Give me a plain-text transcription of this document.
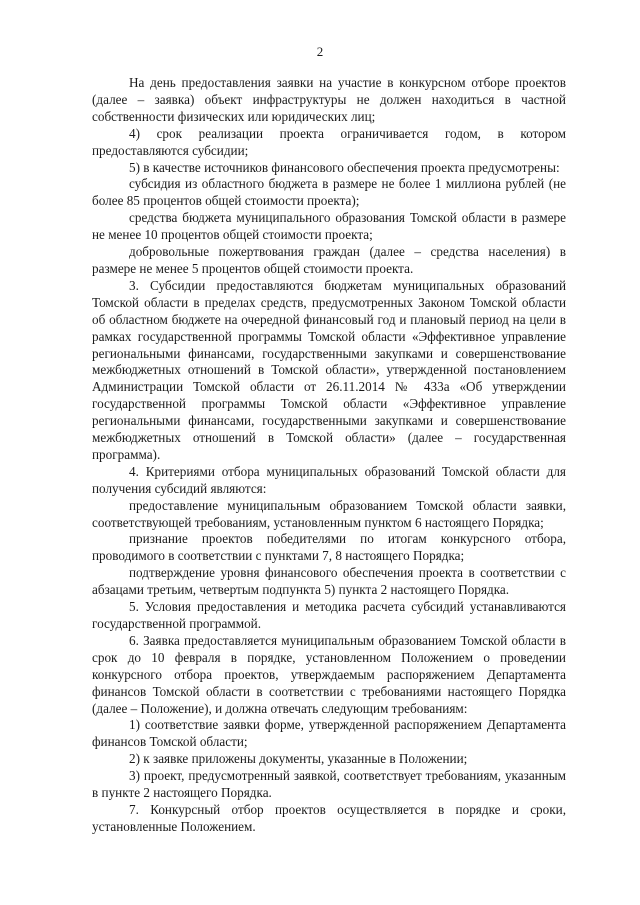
2

На день предоставления заявки на участие в конкурсном отборе проектов (далее – заявка) объект инфраструктуры не должен находиться в частной собственности физических или юридических лиц;

4) срок реализации проекта ограничивается годом, в котором предоставляются субсидии;

5) в качестве источников финансового обеспечения проекта предусмотрены:

субсидия из областного бюджета в размере не более 1 миллиона рублей (не более 85 процентов общей стоимости проекта);

средства бюджета муниципального образования Томской области в размере не менее 10 процентов общей стоимости проекта;

добровольные пожертвования граждан (далее – средства населения) в размере не менее 5 процентов общей стоимости проекта.

3. Субсидии предоставляются бюджетам муниципальных образований Томской области в пределах средств, предусмотренных Законом Томской области об областном бюджете на очередной финансовый год и плановый период на цели в рамках государственной программы Томской области «Эффективное управление региональными финансами, государственными закупками и совершенствование межбюджетных отношений в Томской области», утвержденной постановлением Администрации Томской области от 26.11.2014 № 433а «Об утверждении государственной программы Томской области «Эффективное управление региональными финансами, государственными закупками и совершенствование межбюджетных отношений в Томской области» (далее – государственная программа).

4. Критериями отбора муниципальных образований Томской области для получения субсидий являются:

предоставление муниципальным образованием Томской области заявки, соответствующей требованиям, установленным пунктом 6 настоящего Порядка;

признание проектов победителями по итогам конкурсного отбора, проводимого в соответствии с пунктами 7, 8 настоящего Порядка;

подтверждение уровня финансового обеспечения проекта в соответствии с абзацами третьим, четвертым подпункта 5) пункта 2 настоящего Порядка.

5. Условия предоставления и методика расчета субсидий устанавливаются государственной программой.

6. Заявка предоставляется муниципальным образованием Томской области в срок до 10 февраля в порядке, установленном Положением о проведении конкурсного отбора проектов, утверждаемым распоряжением Департамента финансов Томской области в соответствии с требованиями настоящего Порядка (далее – Положение), и должна отвечать следующим требованиям:

1) соответствие заявки форме, утвержденной распоряжением Департамента финансов Томской области;

2) к заявке приложены документы, указанные в Положении;

3) проект, предусмотренный заявкой, соответствует требованиям, указанным в пункте 2 настоящего Порядка.

7. Конкурсный отбор проектов осуществляется в порядке и сроки, установленные Положением.
